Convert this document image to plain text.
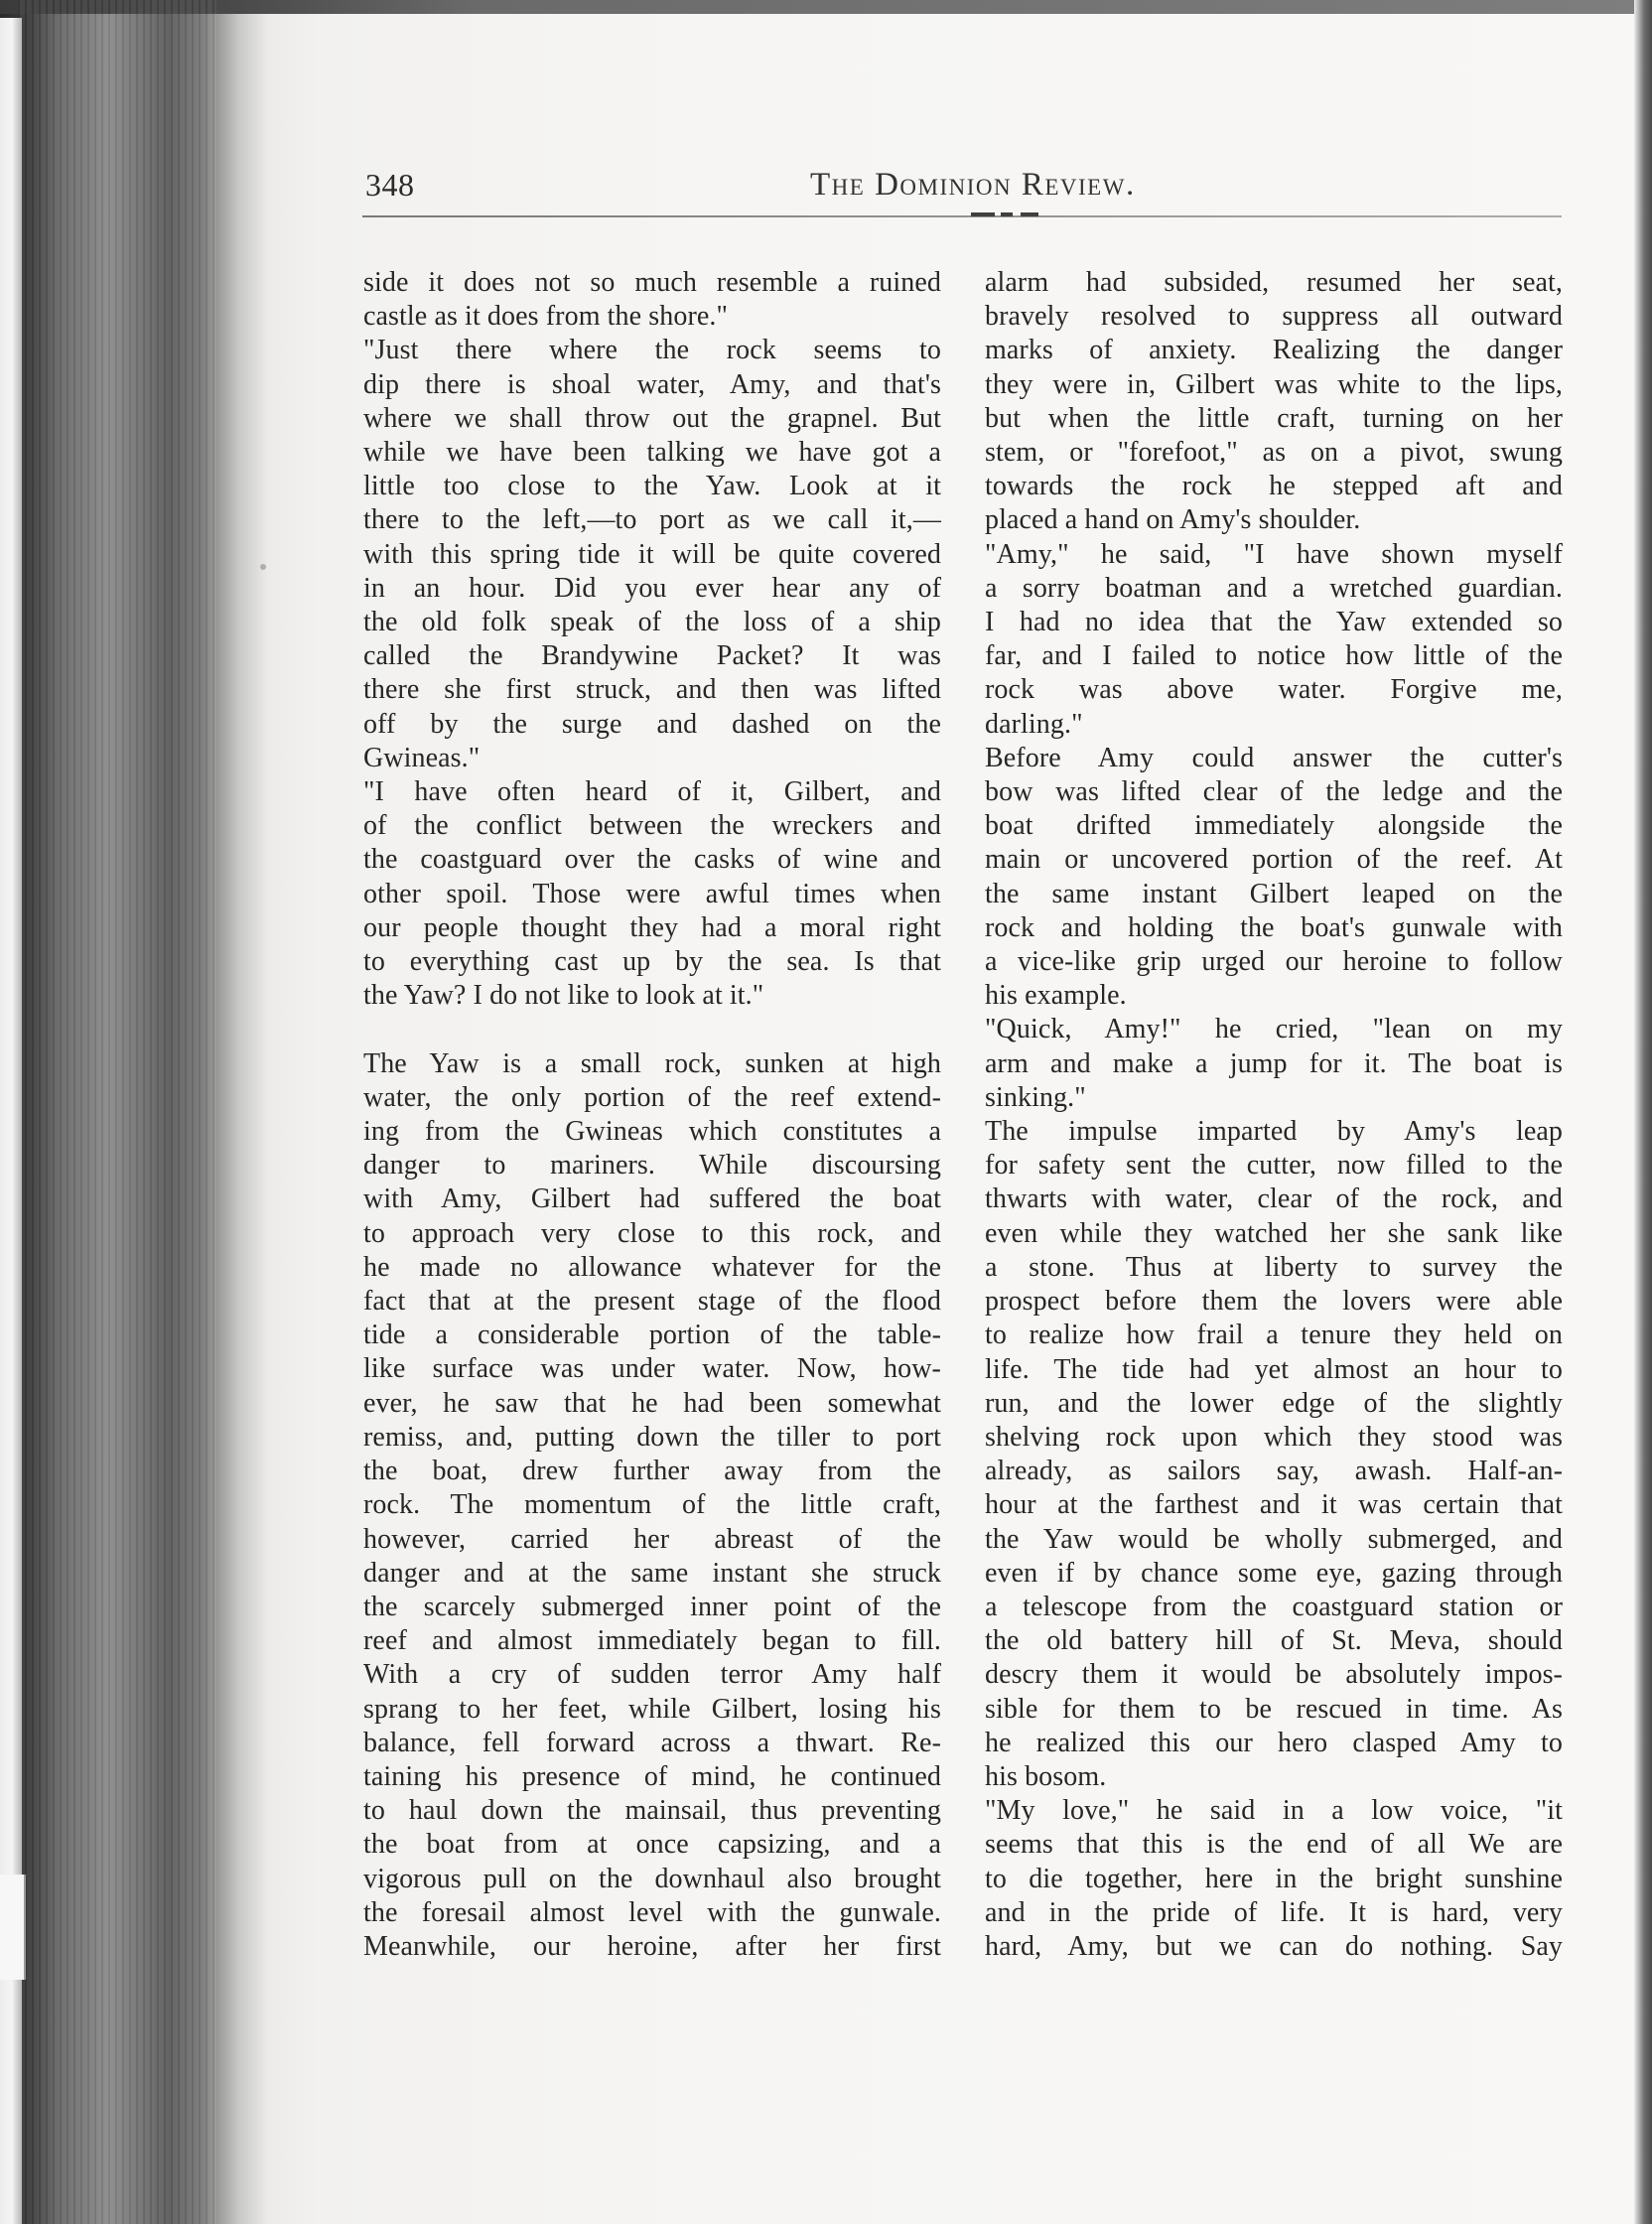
348	The Dominion Review.
side it does not so much resemble a ruined
castle as it does from the shore."
"Just there where the rock seems to
dip there is shoal water, Amy, and that's
where we shall throw out the grapnel. But
while we have been talking we have got a
little too close to the Yaw. Look at it
there to the left,—to port as we call it,—
with this spring tide it will be quite covered
in an hour. Did you ever hear any of
the old folk speak of the loss of a ship
called the Brandywine Packet? It was
there she first struck, and then was lifted
off by the surge and dashed on the
Gwineas."
"I have often heard of it, Gilbert, and
of the conflict between the wreckers and
the coastguard over the casks of wine and
other spoil. Those were awful times when
our people thought they had a moral right
to everything cast up by the sea. Is that
the Yaw? I do not like to look at it."
The Yaw is a small rock, sunken at high
water, the only portion of the reef extend-
ing from the Gwineas which constitutes a
danger to mariners. While discoursing
with Amy, Gilbert had suffered the boat
to approach very close to this rock, and
he made no allowance whatever for the
fact that at the present stage of the flood
tide a considerable portion of the table-
like surface was under water. Now, how-
ever, he saw that he had been somewhat
remiss, and, putting down the tiller to port
the boat, drew further away from the
rock. The momentum of the little craft,
however, carried her abreast of the
danger and at the same instant she struck
the scarcely submerged inner point of the
reef and almost immediately began to fill.
With a cry of sudden terror Amy half
sprang to her feet, while Gilbert, losing his
balance, fell forward across a thwart. Re-
taining his presence of mind, he continued
to haul down the mainsail, thus preventing
the boat from at once capsizing, and a
vigorous pull on the downhaul also brought
the foresail almost level with the gunwale.
Meanwhile, our heroine, after her first
alarm had subsided, resumed her seat,
bravely resolved to suppress all outward
marks of anxiety. Realizing the danger
they were in, Gilbert was white to the lips,
but when the little craft, turning on her
stem, or "forefoot," as on a pivot, swung
towards the rock he stepped aft and
placed a hand on Amy's shoulder.
"Amy," he said, "I have shown myself
a sorry boatman and a wretched guardian.
I had no idea that the Yaw extended so
far, and I failed to notice how little of the
rock was above water. Forgive me,
darling."
Before Amy could answer the cutter's
bow was lifted clear of the ledge and the
boat drifted immediately alongside the
main or uncovered portion of the reef. At
the same instant Gilbert leaped on the
rock and holding the boat's gunwale with
a vice-like grip urged our heroine to follow
his example.
"Quick, Amy!" he cried, "lean on my
arm and make a jump for it. The boat is
sinking."
The impulse imparted by Amy's leap
for safety sent the cutter, now filled to the
thwarts with water, clear of the rock, and
even while they watched her she sank like
a stone. Thus at liberty to survey the
prospect before them the lovers were able
to realize how frail a tenure they held on
life. The tide had yet almost an hour to
run, and the lower edge of the slightly
shelving rock upon which they stood was
already, as sailors say, awash. Half-an-
hour at the farthest and it was certain that
the Yaw would be wholly submerged, and
even if by chance some eye, gazing through
a telescope from the coastguard station or
the old battery hill of St. Meva, should
descry them it would be absolutely impos-
sible for them to be rescued in time. As
he realized this our hero clasped Amy to
his bosom.
"My love," he said in a low voice, "it
seems that this is the end of all We are
to die together, here in the bright sunshine
and in the pride of life. It is hard, very
hard, Amy, but we can do nothing. Say
